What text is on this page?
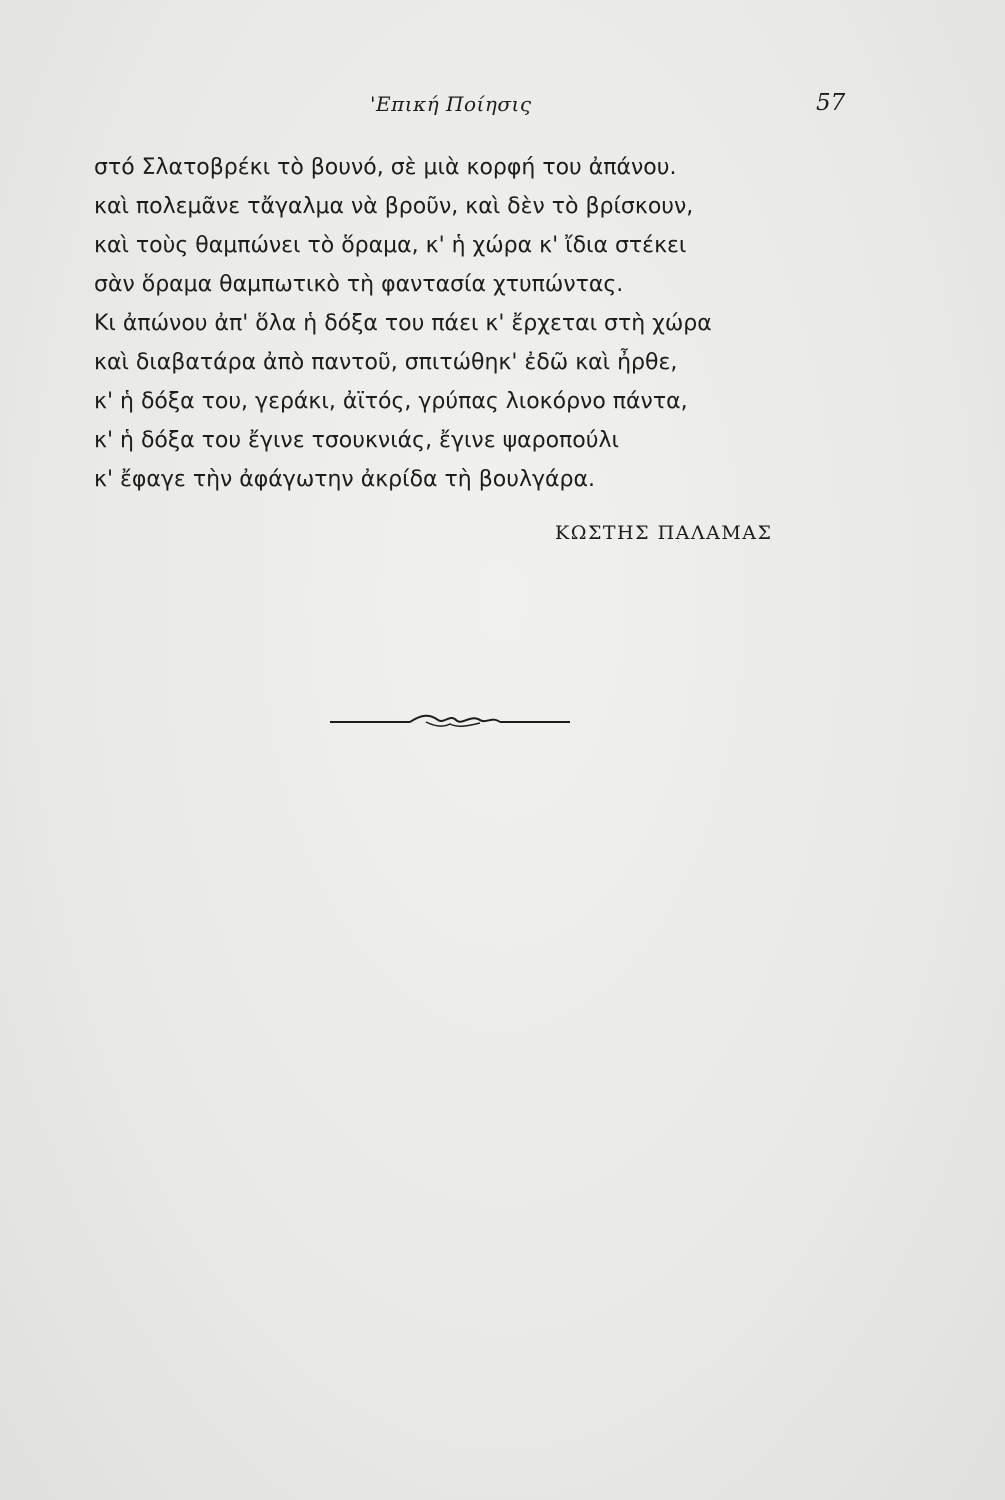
'Επική Ποίησις	57
στό Σλατοβρέκι τὸ βουνό, σὲ μιὰ κορφή του ἀπάνου.
καὶ πολεμᾶνε τἄγαλμα νὰ βροῦν, καὶ δὲν τὸ βρίσκουν,
καὶ τοὺς θαμπώνει τὸ ὅραμα, κ' ἡ χώρα κ' ἴδια στέκει
σὰν ὅραμα θαμπωτικὸ τὴ φαντασία χτυπώντας.
Κι ἀπώνου ἀπ' ὅλα ἡ δόξα του πάει κ' ἔρχεται στὴ χώρα
καὶ διαβατάρα ἀπὸ παντοῦ, σπιτώθηκ' ἐδῶ καὶ ἦρθε,
κ' ἡ δόξα του, γεράκι, ἀϊτός, γρύπας λιοκόρνο πάντα,
κ' ἡ δόξα του ἔγινε τσουκνιάς, ἔγινε ψαροπούλι
κ' ἔφαγε τὴν ἀφάγωτην ἀκρίδα τὴ βουλγάρα.
ΚΩΣΤΗΣ ΠΑΛΑΜΑΣ
